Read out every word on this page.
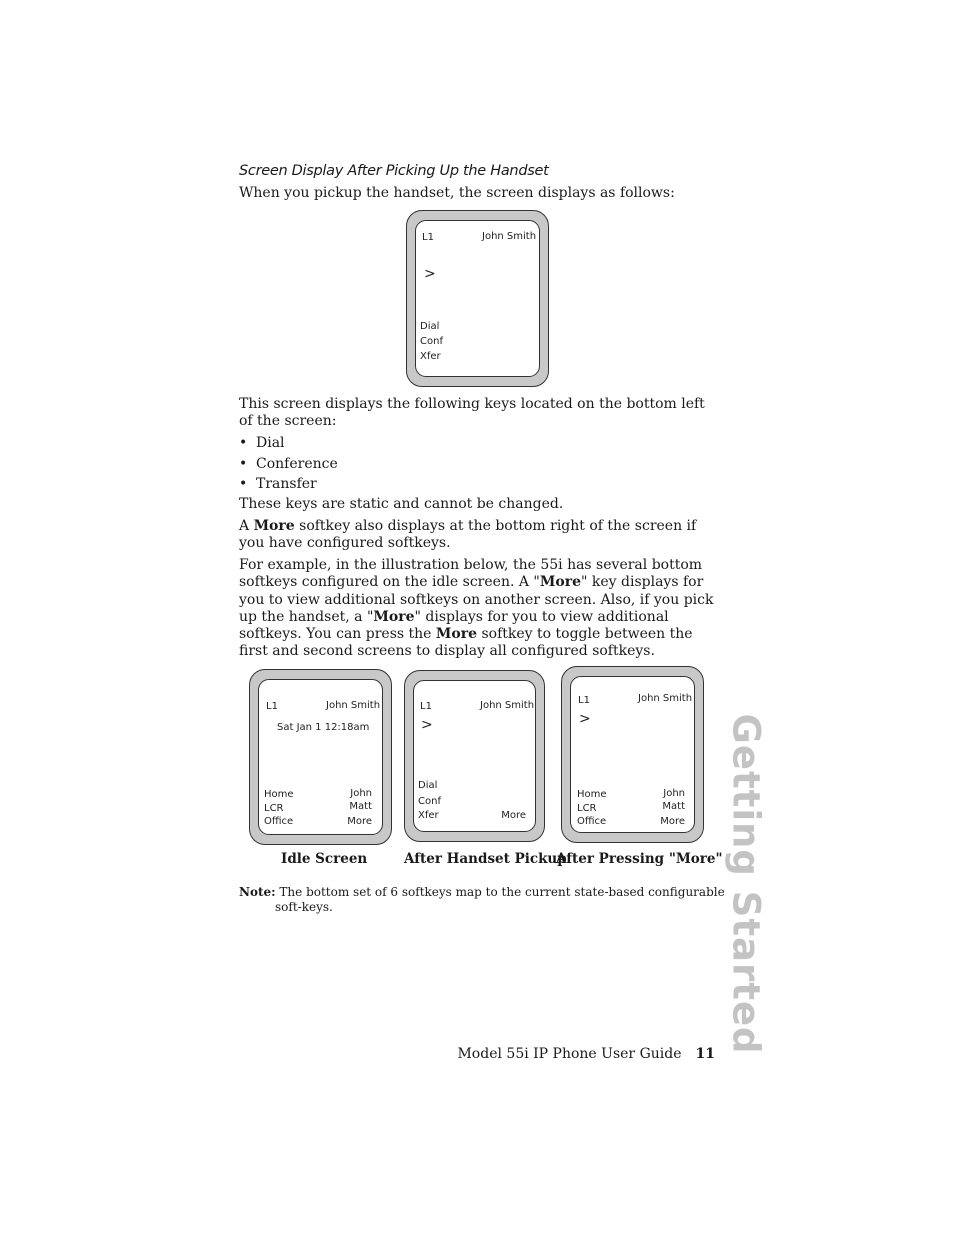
Screen Display After Picking Up the Handset
When you pickup the handset, the screen displays as follows:
L1	John Smith
>
Dial
Conf
Xfer
This screen displays the following keys located on the bottom left of the screen:
• Dial
• Conference
• Transfer
These keys are static and cannot be changed.
A More softkey also displays at the bottom right of the screen if you have configured softkeys.
For example, in the illustration below, the 55i has several bottom softkeys configured on the idle screen. A "More" key displays for you to view additional softkeys on another screen. Also, if you pick up the handset, a "More" displays for you to view additional softkeys. You can press the More softkey to toggle between the first and second screens to display all configured softkeys.
L1	John Smith
Sat Jan 1 12:18am
Home
LCR
Office
John
Matt
More
L1	John Smith
>
Dial
Conf
Xfer	More
L1	John Smith
>
Home
LCR
Office
John
Matt
More
Idle Screen	After Handset Pickup
After Pressing "More"
Note: The bottom set of 6 softkeys map to the current state-based configurable soft-keys.	Getting Started
Model 55i IP Phone User Guide 11
